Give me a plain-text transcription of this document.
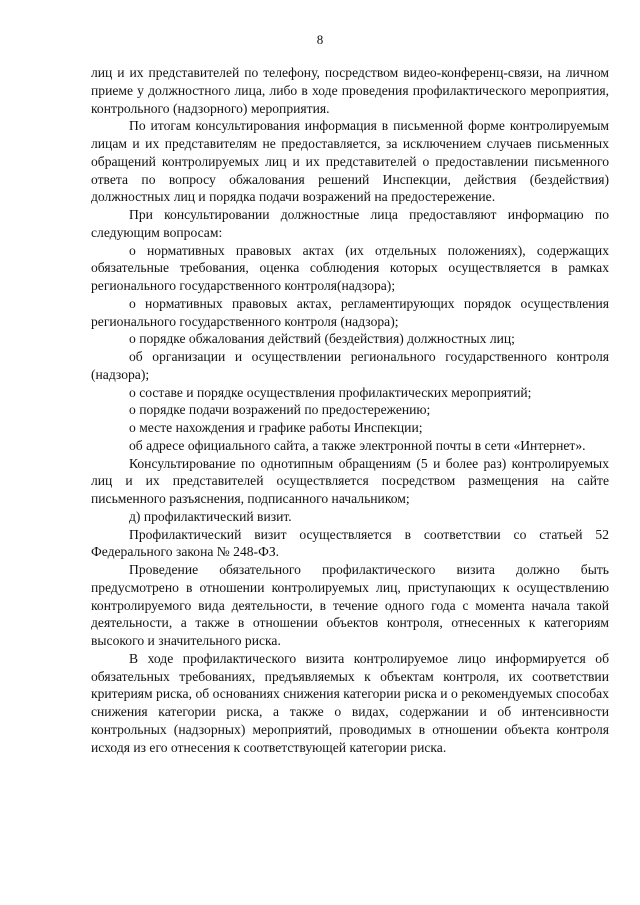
8

лиц и их представителей по телефону, посредством видео-конференц-связи, на личном приеме у должностного лица, либо в ходе проведения профилактического мероприятия, контрольного (надзорного) мероприятия.

По итогам консультирования информация в письменной форме контролируемым лицам и их представителям не предоставляется, за исключением случаев письменных обращений контролируемых лиц и их представителей о предоставлении письменного ответа по вопросу обжалования решений Инспекции, действия (бездействия) должностных лиц и порядка подачи возражений на предостережение.

При консультировании должностные лица предоставляют информацию по следующим вопросам:

о нормативных правовых актах (их отдельных положениях), содержащих обязательные требования, оценка соблюдения которых осуществляется в рамках регионального государственного контроля(надзора);

о нормативных правовых актах, регламентирующих порядок осуществления регионального государственного контроля (надзора);

о порядке обжалования действий (бездействия) должностных лиц;

об организации и осуществлении регионального государственного контроля (надзора);

о составе и порядке осуществления профилактических мероприятий;

о порядке подачи возражений по предостережению;

о месте нахождения и графике работы Инспекции;

об адресе официального сайта, а также электронной почты в сети «Интернет».

Консультирование по однотипным обращениям (5 и более раз) контролируемых лиц и их представителей осуществляется посредством размещения на сайте письменного разъяснения, подписанного начальником;

д) профилактический визит.

Профилактический визит осуществляется в соответствии со статьей 52 Федерального закона № 248-ФЗ.

Проведение обязательного профилактического визита должно быть предусмотрено в отношении контролируемых лиц, приступающих к осуществлению контролируемого вида деятельности, в течение одного года с момента начала такой деятельности, а также в отношении объектов контроля, отнесенных к категориям высокого и значительного риска.

В ходе профилактического визита контролируемое лицо информируется об обязательных требованиях, предъявляемых к объектам контроля, их соответствии критериям риска, об основаниях снижения категории риска и о рекомендуемых способах снижения категории риска, а также о видах, содержании и об интенсивности контрольных (надзорных) мероприятий, проводимых в отношении объекта контроля исходя из его отнесения к соответствующей категории риска.
